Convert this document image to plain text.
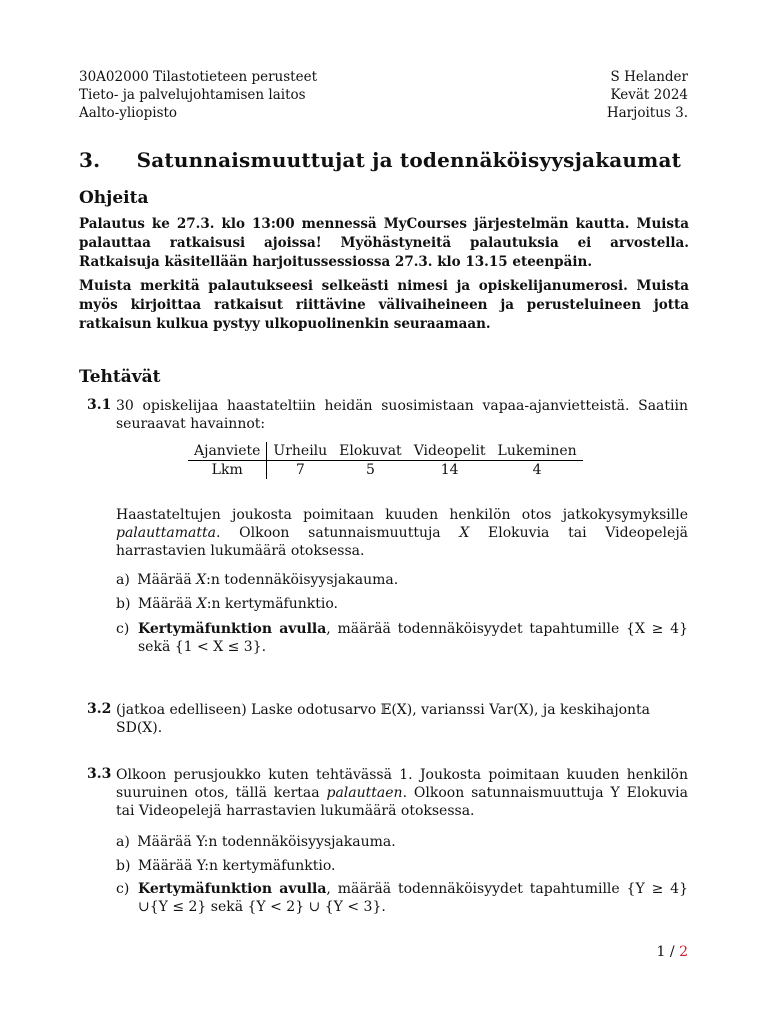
30A02000 Tilastotieteen perusteet
Tieto- ja palvelujohtamisen laitos
Aalto-yliopisto
S Helander
Kevät 2024
Harjoitus 3.
3. Satunnaismuuttujat ja todennäköisyysjakaumat
Ohjeita
Palautus ke 27.3. klo 13:00 mennessä MyCourses järjestelmän kautta. Muista palauttaa ratkaisusi ajoissa! Myöhästyneitä palautuksia ei arvostella. Ratkaisuja käsitellään harjoitussessiossa 27.3. klo 13.15 eteenpäin.
Muista merkitä palautukseesi selkeästi nimesi ja opiskelijanumerosi. Muista myös kirjoittaa ratkaisut riittävine välivaiheineen ja perusteluineen jotta ratkaisun kulkua pystyy ulkopuolinenkin seuraamaan.
Tehtävät
3.1 30 opiskelijaa haastateltiin heidän suosimistaan vapaa-ajanvietteistä. Saatiin seuraavat havainnot:
Ajanviete	Urheilu	Elokuvat	Videopelit	Lukeminen
Lkm	7	5	14	4
Haastateltujen joukosta poimitaan kuuden henkilön otos jatkokysymyksille palauttamatta. Olkoon satunnaismuuttuja X Elokuvia tai Videopelejä harrastavien lukumäärä otoksessa.
a) Määrää X:n todennäköisyysjakauma.
b) Määrää X:n kertymäfunktio.
c) Kertymäfunktion avulla, määrää todennäköisyydet tapahtumille {X ≥ 4} sekä {1 < X ≤ 3}.
3.2 (jatkoa edelliseen) Laske odotusarvo 𝔼(X), varianssi Var(X), ja keskihajonta SD(X).
3.3 Olkoon perusjoukko kuten tehtävässä 1. Joukosta poimitaan kuuden henkilön suuruinen otos, tällä kertaa palauttaen. Olkoon satunnaismuuttuja Y Elokuvia tai Videopelejä harrastavien lukumäärä otoksessa.
a) Määrää Y:n todennäköisyysjakauma.
b) Määrää Y:n kertymäfunktio.
c) Kertymäfunktion avulla, määrää todennäköisyydet tapahtumille {Y ≥ 4}∪{Y ≤ 2} sekä {Y < 2} ∪ {Y < 3}.
1 / 2
